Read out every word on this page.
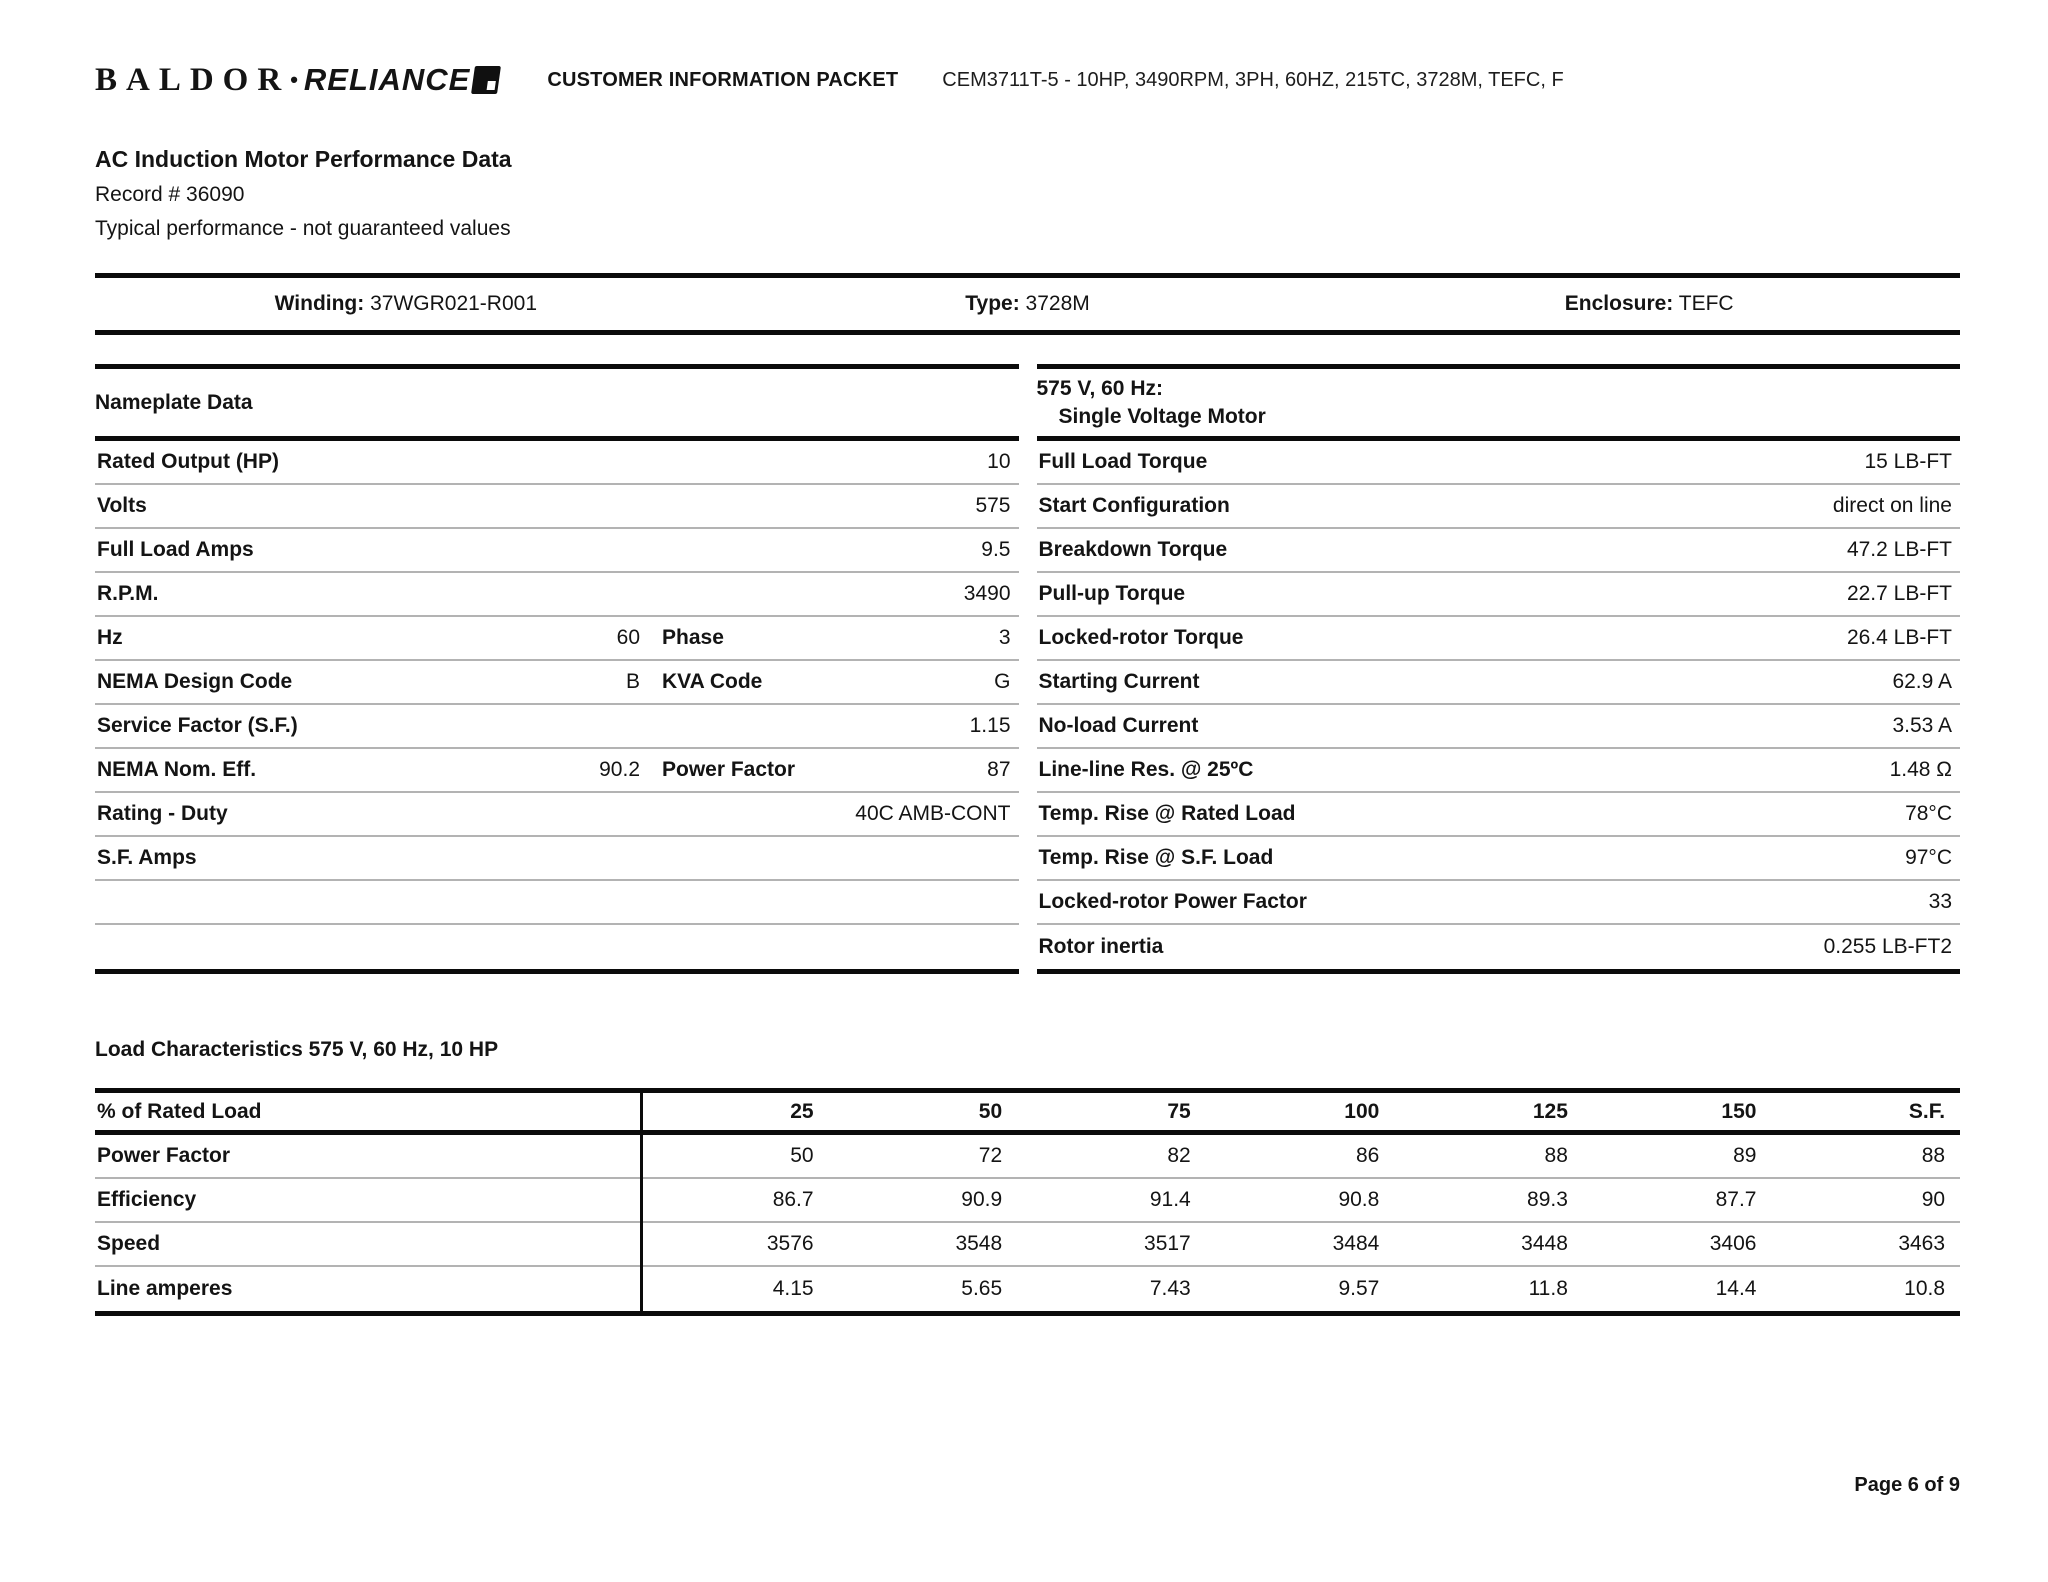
BALDOR • RELIANCE	CUSTOMER INFORMATION PACKET CEM3711T-5 - 10HP, 3490RPM, 3PH, 60HZ, 215TC, 3728M, TEFC, F
AC Induction Motor Performance Data
Record # 36090
Typical performance - not guaranteed values
Winding: 37WGR021-R001	Type: 3728M	Enclosure: TEFC
Nameplate Data
Rated Output (HP)	10
Volts	575
Full Load Amps	9.5
R.P.M.	3490
Hz	60 Phase	3
NEMA Design Code	B KVA Code	G
Service Factor (S.F.)	1.15
NEMA Nom. Eff.	90.2 Power Factor	87
Rating - Duty	40C AMB-CONT
S.F. Amps
575 V, 60 Hz:
Single Voltage Motor
Full Load Torque	15 LB-FT
Start Configuration	direct on line
Breakdown Torque	47.2 LB-FT
Pull-up Torque	22.7 LB-FT
Locked-rotor Torque	26.4 LB-FT
Starting Current	62.9 A
No-load Current	3.53 A
Line-line Res. @ 25ºC	1.48 Ω
Temp. Rise @ Rated Load	78°C
Temp. Rise @ S.F. Load	97°C
Locked-rotor Power Factor	33
Rotor inertia	0.255 LB-FT2
Load Characteristics 575 V, 60 Hz, 10 HP
% of Rated Load	25	50	75	100	125	150	S.F.
Power Factor	50	72	82	86	88	89	88
Efficiency	86.7	90.9	91.4	90.8	89.3	87.7	90
Speed	3576	3548	3517	3484	3448	3406	3463
Line amperes	4.15	5.65	7.43	9.57	11.8	14.4	10.8
Page 6 of 9
